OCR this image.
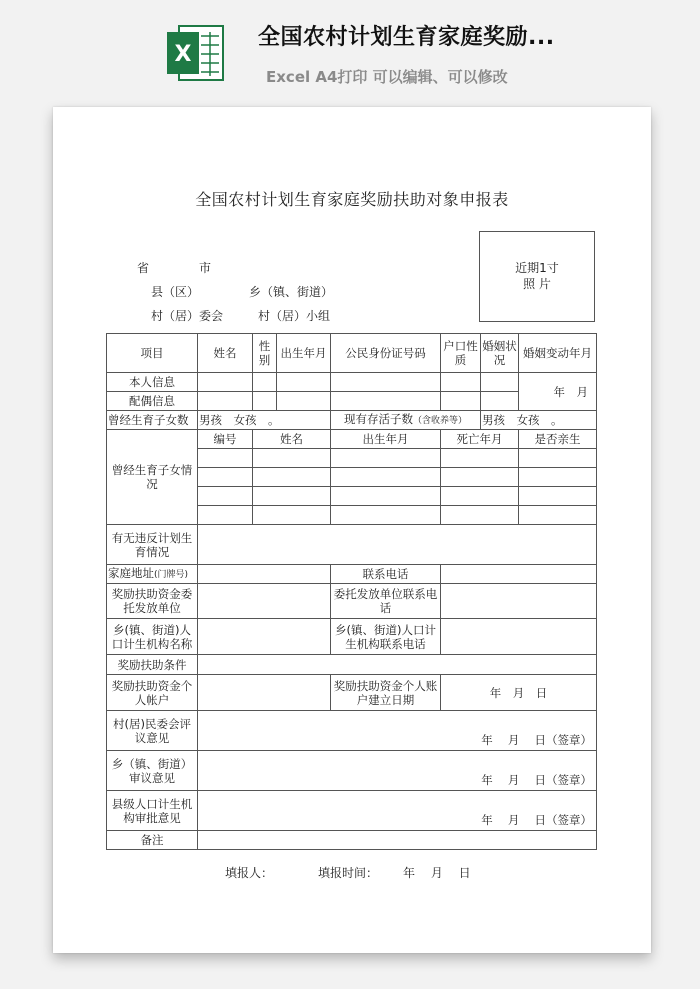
X
全国农村计划生育家庭奖励...
Excel A4打印 可以编辑、可以修改
全国农村计划生育家庭奖励扶助对象申报表
近期1寸
照 片
省	市
县（区）	乡（镇、街道）
村（居）委会	村（居）小组
项目	姓名	性别	出生年月	公民身份证号码	户口性质	婚姻状况	婚姻变动年月
本人信息							年　月
配偶信息							
曾经生育子女数	男孩　女孩　。			现有存活子数（含收养等）		男孩　女孩　。	
曾经生育子女情况	编号	姓名		出生年月	死亡年月		是否亲生

有无违反计划生育情况							
家庭地址(门牌号)				联系电话			
奖励扶助资金委托发放单位				委托发放单位联系电话			
乡(镇、街道)人口计生机构名称				乡(镇、街道)人口计生机构联系电话			
奖励扶助条件							
奖励扶助资金个人帐户				奖励扶助资金个人账户建立日期	年　月　日		
村(居)民委会评议意见	年　 月　 日（签章）						
乡（镇、街道）审议意见	年　 月　 日（签章）						
县级人口计生机构审批意见	年　 月　 日（签章）						
备注							
填报人：	填报时间： 年　 月　 日
